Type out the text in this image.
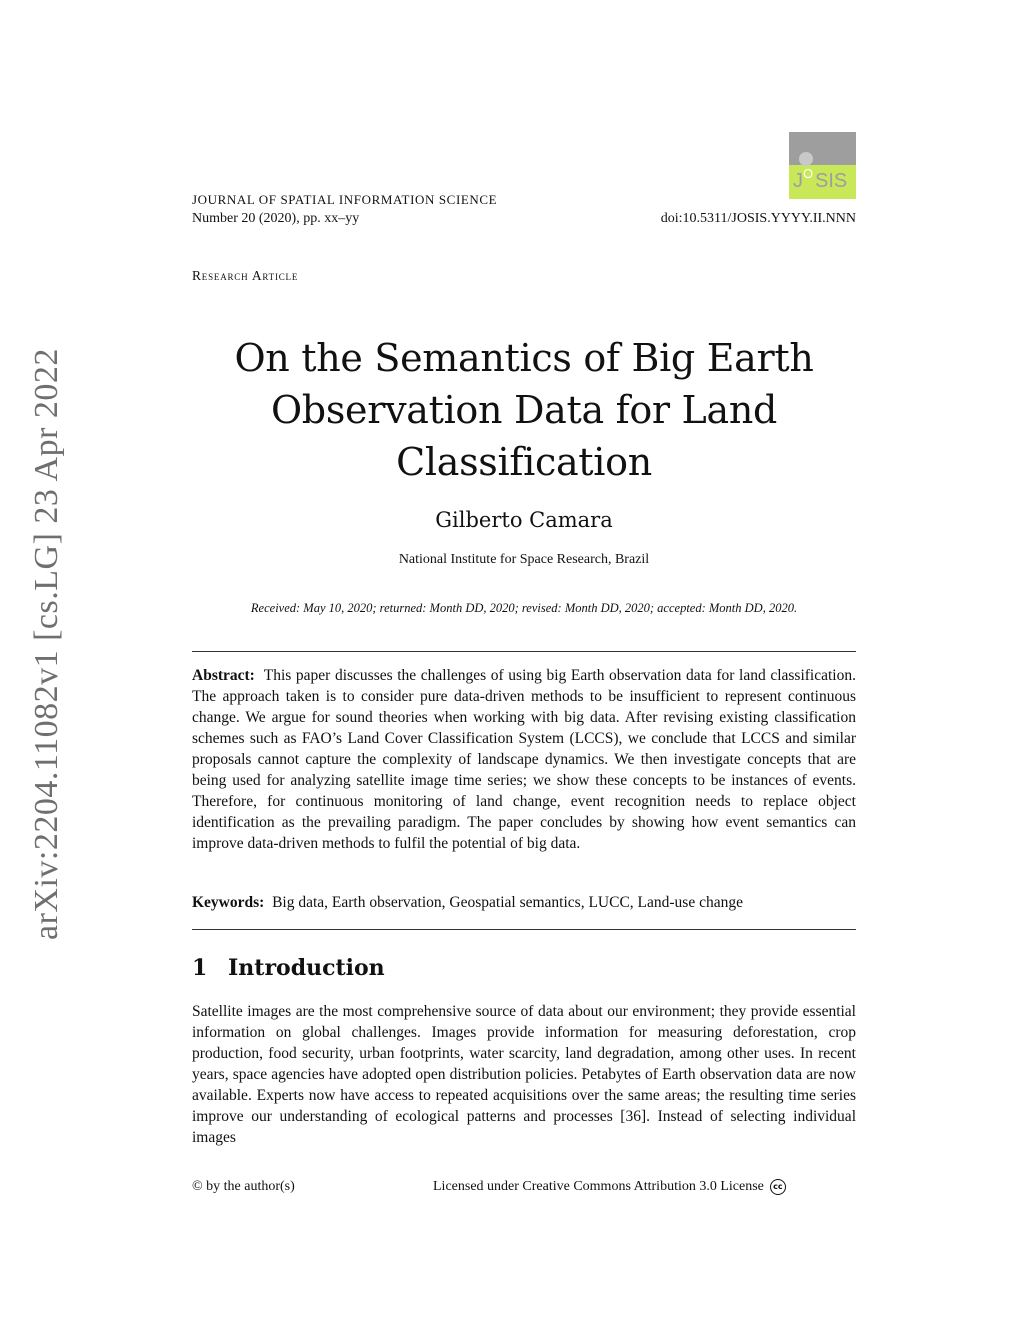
arXiv:2204.11082v1 [cs.LG] 23 Apr 2022
J O SIS
JOURNAL OF SPATIAL INFORMATION SCIENCE
Number 20 (2020), pp. xx–yy	doi:10.5311/JOSIS.YYYY.II.NNN
Research Article
On the Semantics of Big Earth Observation Data for Land Classification
Gilberto Camara
National Institute for Space Research, Brazil
Received: May 10, 2020; returned: Month DD, 2020; revised: Month DD, 2020; accepted: Month DD, 2020.
Abstract: This paper discusses the challenges of using big Earth observation data for land classification. The approach taken is to consider pure data-driven methods to be insufficient to represent continuous change. We argue for sound theories when working with big data. After revising existing classification schemes such as FAO’s Land Cover Classification System (LCCS), we conclude that LCCS and similar proposals cannot capture the complexity of landscape dynamics. We then investigate concepts that are being used for analyzing satellite image time series; we show these concepts to be instances of events. Therefore, for continuous monitoring of land change, event recognition needs to replace object identification as the prevailing paradigm. The paper concludes by showing how event semantics can improve data-driven methods to fulfil the potential of big data.
Keywords: Big data, Earth observation, Geospatial semantics, LUCC, Land-use change
1 Introduction
Satellite images are the most comprehensive source of data about our environment; they provide essential information on global challenges. Images provide information for measuring deforestation, crop production, food security, urban footprints, water scarcity, land degradation, among other uses. In recent years, space agencies have adopted open distribution policies. Petabytes of Earth observation data are now available. Experts now have access to repeated acquisitions over the same areas; the resulting time series improve our understanding of ecological patterns and processes [36]. Instead of selecting individual images
© by the author(s)	Licensed under Creative Commons Attribution 3.0 License cc
